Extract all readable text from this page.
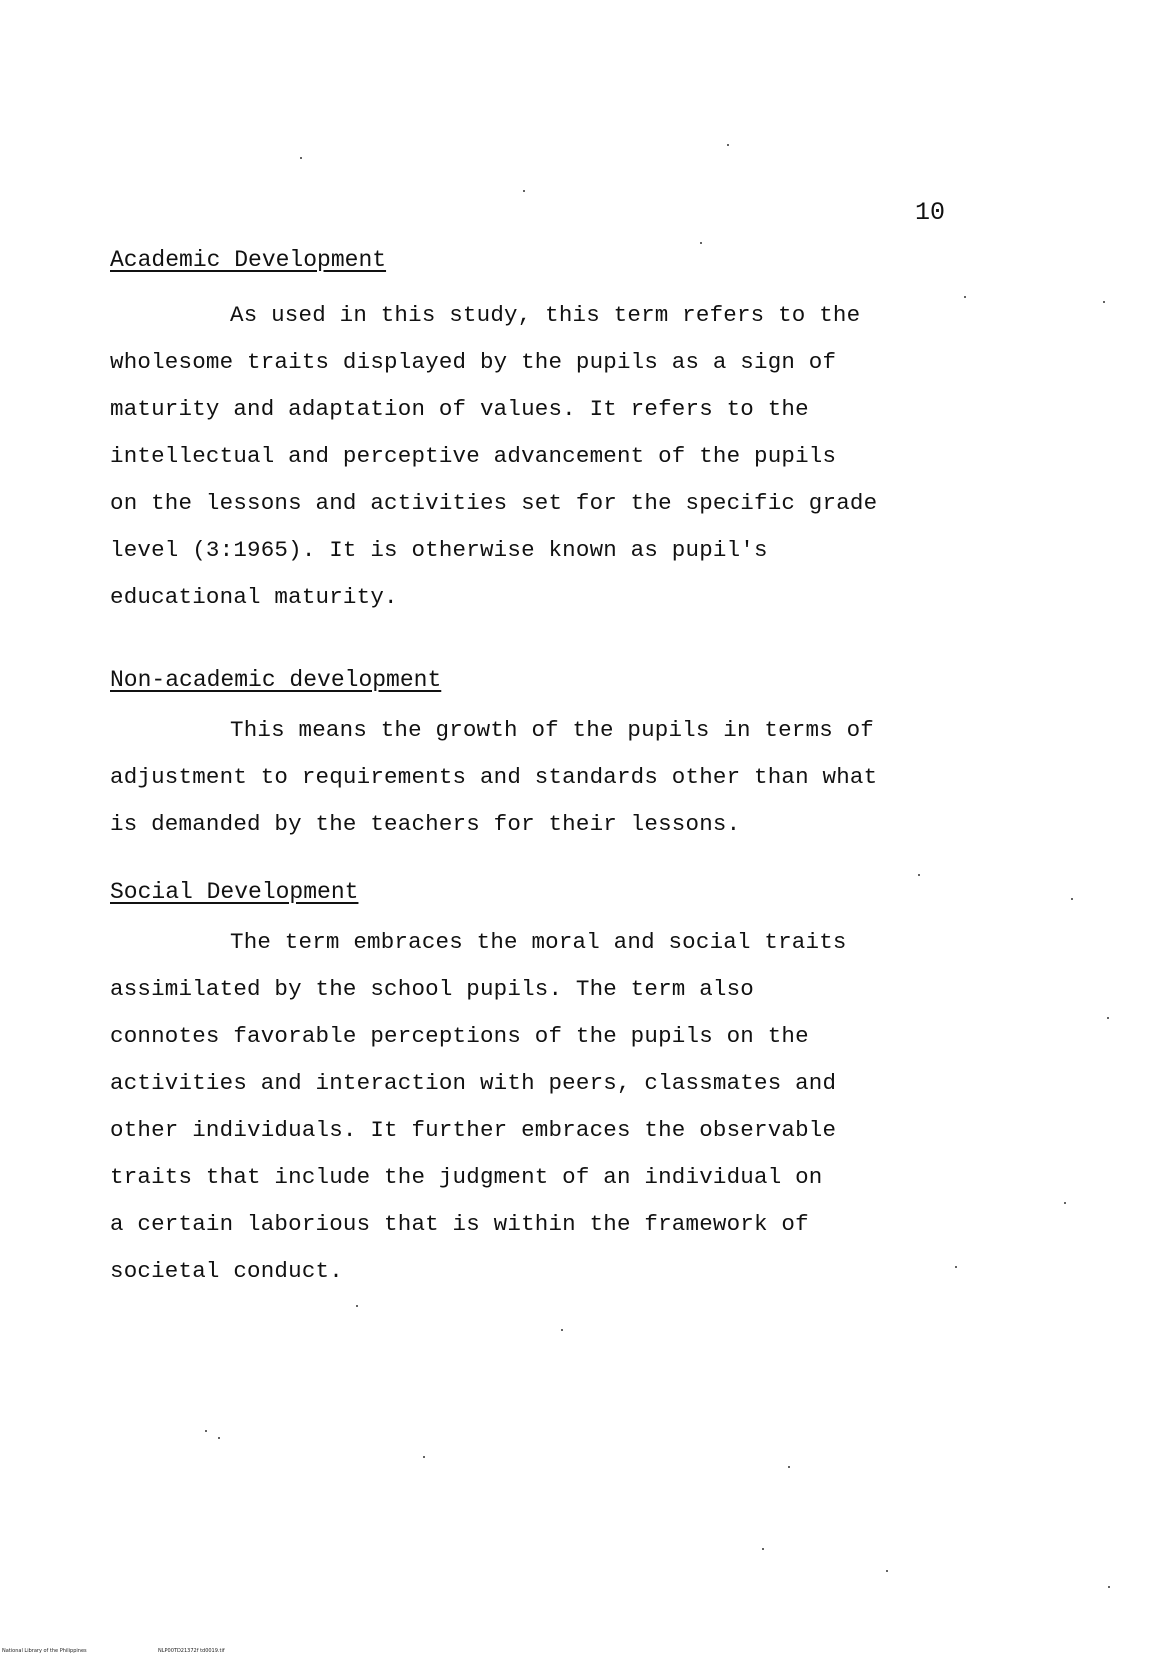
10
Academic Development
As used in this study, this term refers to the
wholesome traits displayed by the pupils as a sign of
maturity and adaptation of values. It refers to the
intellectual and perceptive advancement of the pupils
on the lessons and activities set for the specific grade
level (3:1965). It is otherwise known as pupil's
educational maturity.
Non-academic development
This means the growth of the pupils in terms of
adjustment to requirements and standards other than what
is demanded by the teachers for their lessons.
Social Development
The term embraces the moral and social traits
assimilated by the school pupils. The term also
connotes favorable perceptions of the pupils on the
activities and interaction with peers, classmates and
other individuals. It further embraces the observable
traits that include the judgment of an individual on
a certain laborious that is within the framework of
societal conduct.
National Library of the Philippines	NLP00TD21372f td0019.tif
